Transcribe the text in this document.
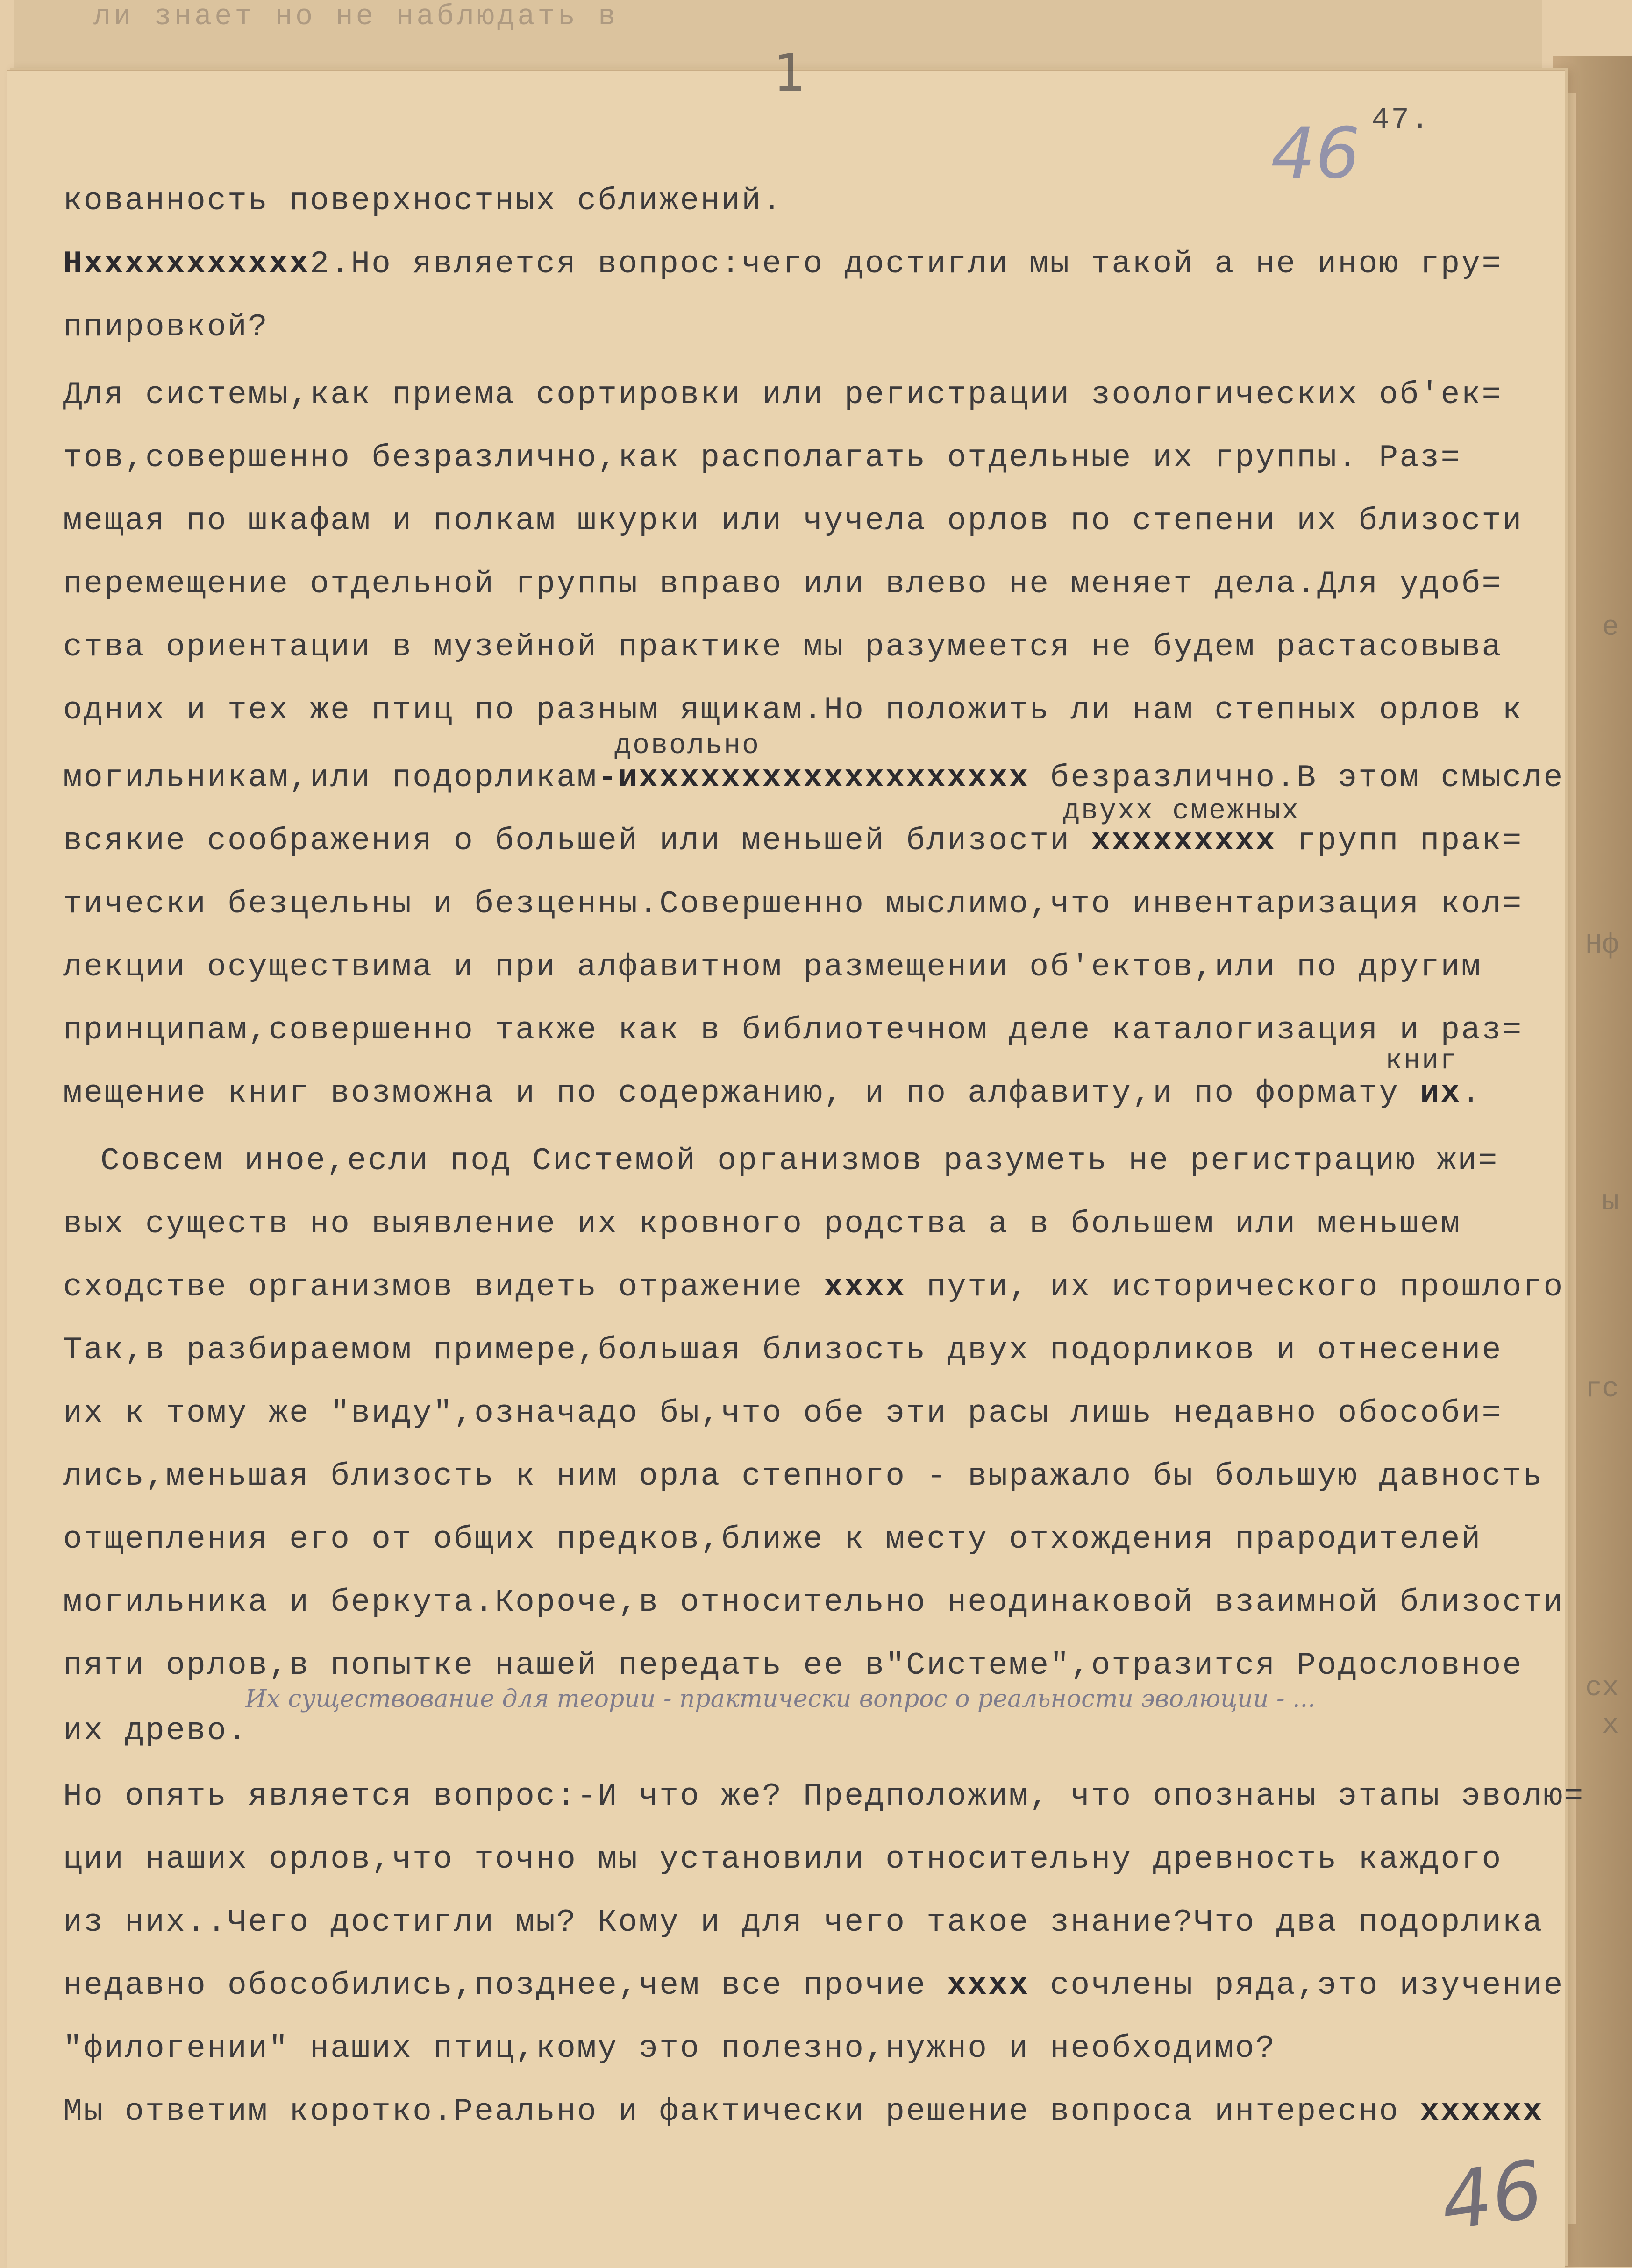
ли знает но не наблюдать в
е
Нф
ы
гс
сх
х
1
46 47.
кованность поверхностных сближений.
Нххххххххххх2.Но является вопрос:чего достигли мы такой а не иною гру=
ппировкой?
Для системы,как приема сортировки или регистрации зоологических об'ек=
тов,совершенно безразлично,как располагать отдельные их группы. Раз=
мещая по шкафам и полкам шкурки или чучела орлов по степени их близости
перемещение отдельной группы вправо или влево не меняет дела.Для удоб=
ства ориентации в музейной практике мы разумеется не будем растасовыва
одних и тех же птиц по разным ящикам.Но положить ли нам степных орлов к
довольно
могильникам,или подорликам-иххххххххххххххххххх безразлично.В этом смысле
двухх смежных
всякие соображения о большей или меньшей близости ххххххххх групп прак=
тически безцельны и безценны.Совершенно мыслимо,что инвентаризация кол=
лекции осуществима и при алфавитном размещении об'ектов,или по другим
принципам,совершенно также как в библиотечном деле каталогизация и раз=
книг
мещение книг возможна и по содержанию, и по алфавиту,и по формату их.
Совсем иное,если под Системой организмов разуметь не регистрацию жи=
вых существ но выявление их кровного родства а в большем или меньшем
сходстве организмов видеть отражение хххх пути, их исторического прошлого
Так,в разбираемом примере,большая близость двух подорликов и отнесение
их к тому же "виду",означадо бы,что обе эти расы лишь недавно обособи=
лись,меньшая близость к ним орла степного - выражало бы большую давность
отщепления его от общих предков,ближе к месту отхождения прародителей
могильника и беркута.Короче,в относительно неодинаковой взаимной близости
пяти орлов,в попытке нашей передать ее в"Системе",отразится Родословное
их древо.
Их существование для теории - практически вопрос о реальности эволюции - ...
Но опять является вопрос:-И что же? Предположим, что опознаны этапы эволю=
ции наших орлов,что точно мы установили относительну древность каждого
из них..Чего достигли мы? Кому и для чего такое знание?Что два подорлика
недавно обособились,позднее,чем все прочие хххх сочлены ряда,это изучение
"филогении" наших птиц,кому это полезно,нужно и необходимо?
Мы ответим коротко.Реально и фактически решение вопроса интересно хххххх
46
